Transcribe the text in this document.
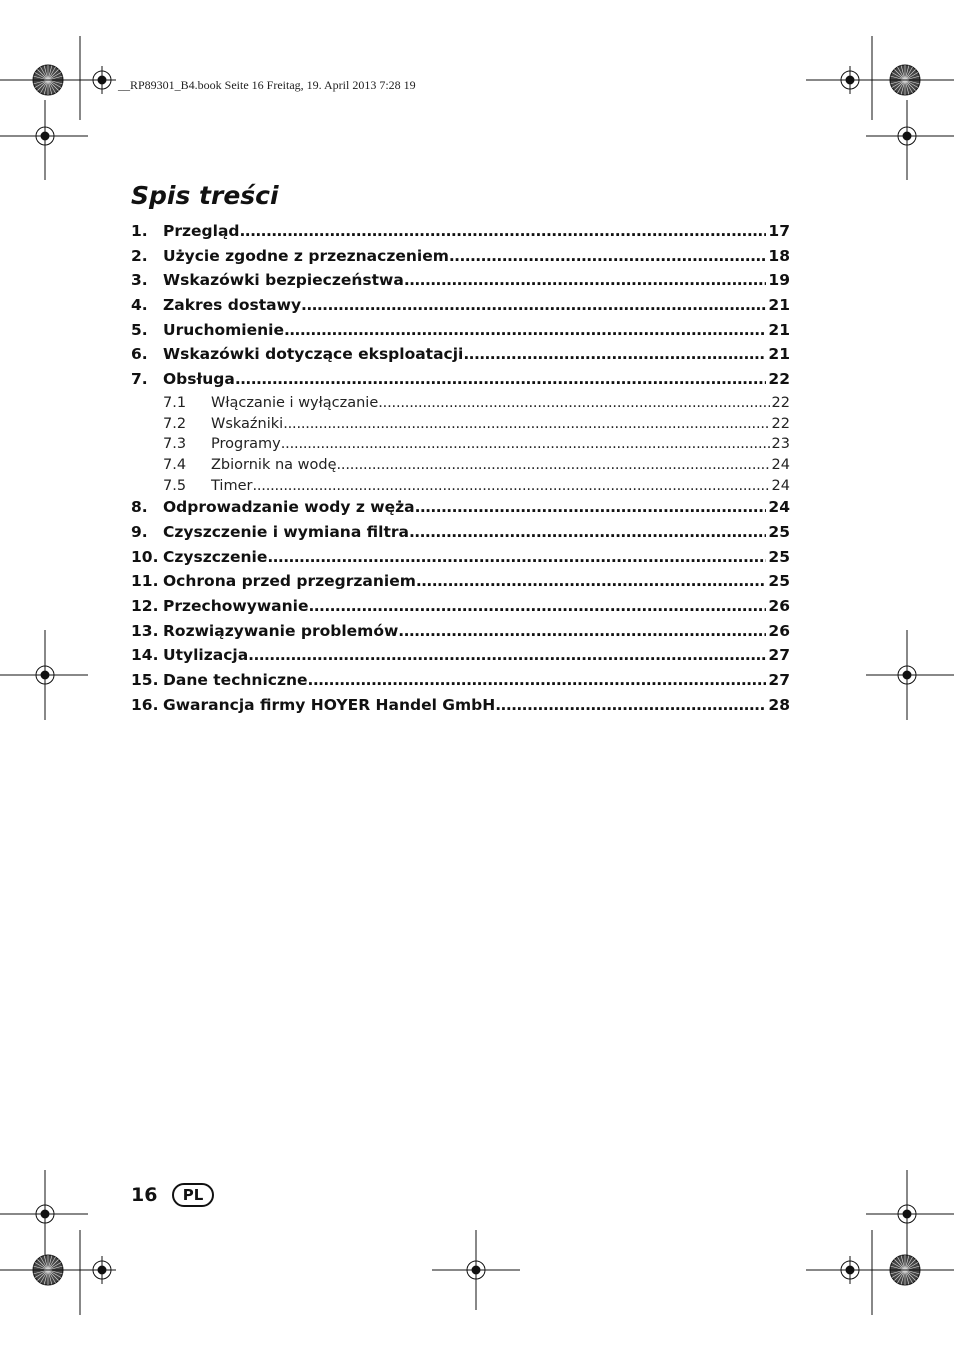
__RP89301_B4.book Seite 16 Freitag, 19. April 2013 7:28 19
Spis treści
1. Przegląd . . .	17
2. Użycie zgodne z przeznaczeniem . . .	18
3. Wskazówki bezpieczeństwa . . .	19
4. Zakres dostawy . . .	21
5. Uruchomienie . . .	21
6. Wskazówki dotyczące eksploatacji . . .	21
7. Obsługa . . .	22
7.1	Włączanie i wyłączanie . . .	22
7.2	Wskaźniki . . .	22
7.3	Programy . . .	23
7.4	Zbiornik na wodę . . .	24
7.5	Timer . . .	24
8. Odprowadzanie wody z węża . . .	24
9. Czyszczenie i wymiana filtra . . .	25
10. Czyszczenie . . .	25
11. Ochrona przed przegrzaniem . . .	25
12. Przechowywanie . . .	26
13. Rozwiązywanie problemów . . .	26
14. Utylizacja . . .	27
15. Dane techniczne . . .	27
16. Gwarancja firmy HOYER Handel GmbH . . .	28
16	PL
